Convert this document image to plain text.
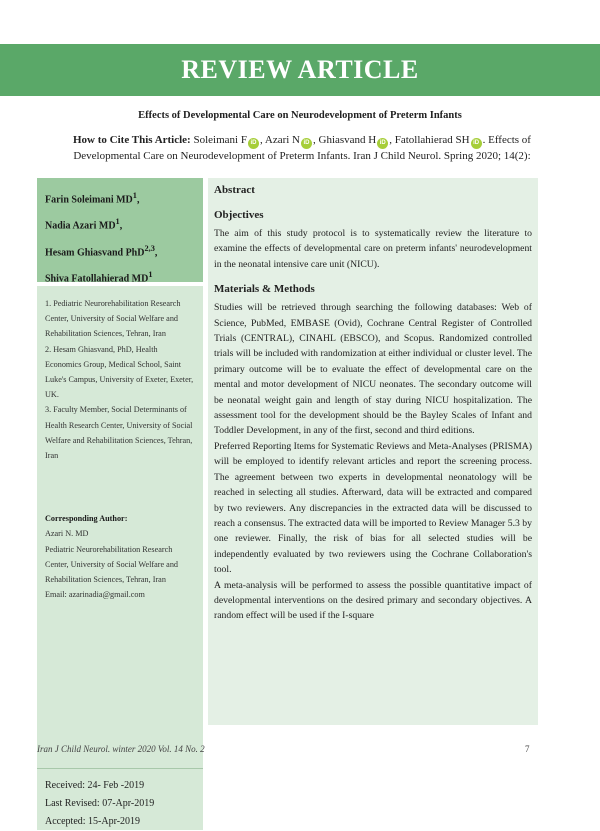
REVIEW ARTICLE
Effects of Developmental Care on Neurodevelopment of Preterm Infants
How to Cite This Article: Soleimani F iD , Azari N iD , Ghiasvand H iD , Fatollahierad SH iD . Effects of Developmental Care on Neurodevelopment of Preterm Infants. Iran J Child Neurol. Spring 2020; 14(2):
Farin Soleimani $MD^1$,
Nadia Azari $MD^1$,
Hesam Ghiasvand PhD$^{2,3}$,
Shiva Fatollahierad $MD^1$

1. Pediatric Neurorehabilitation Research Center, University of Social Welfare and Rehabilitation Sciences, Tehran, Iran

2. Hesam Ghiasvand, PhD, Health Economics Group, Medical School, Saint Luke's Campus, University of Exeter, Exeter, UK.

3. Faculty Member, Social Determinants of Health Research Center, University of Social Welfare and Rehabilitation Sciences, Tehran, Iran

Corresponding Author:
Azari N. MD
Pediatric Neurorehabilitation Research Center, University of Social Welfare and Rehabilitation Sciences, Tehran, Iran
Email: azarinadia@gmail.com
Received: 24- Feb -2019
Last Revised: 07-Apr-2019
Accepted: 15-Apr-2019
Abstract
Objectives

The aim of this study protocol is to systematically review the literature to examine the effects of developmental care on preterm infants' neurodevelopment in the neonatal intensive care unit (NICU).

Materials & Methods

Studies will be retrieved through searching the following databases: Web of Science, PubMed, EMBASE (Ovid), Cochrane Central Register of Controlled Trials (CENTRAL), CINAHL (EBSCO), and Scopus. Randomized controlled trials will be included with randomization at either individual or cluster level. The primary outcome will be to evaluate the effect of developmental care on the mental and motor development of NICU neonates. The secondary outcome will be neonatal weight gain and length of stay during NICU hospitalization. The assessment tool for the development should be the Bayley Scales of Infant and Toddler Development, in any of the first, second and third editions.

Preferred Reporting Items for Systematic Reviews and Meta-Analyses (PRISMA) will be employed to identify relevant articles and report the screening process. The agreement between two experts in developmental neonatology will be reached in selecting all studies. Afterward, data will be extracted and compared by two reviewers. Any discrepancies in the extracted data will be discussed to reach a consensus. The extracted data will be imported to Review Manager 5.3 by one reviewer. Finally, the risk of bias for all selected studies will be independently evaluated by two reviewers using the Cochrane Collaboration's tool.

A meta-analysis will be performed to assess the possible quantitative impact of developmental interventions on the desired primary and secondary objectives. A random effect will be used if the I-square

Iran J Child Neurol. winter 2020 Vol. 14 No. 2	7
